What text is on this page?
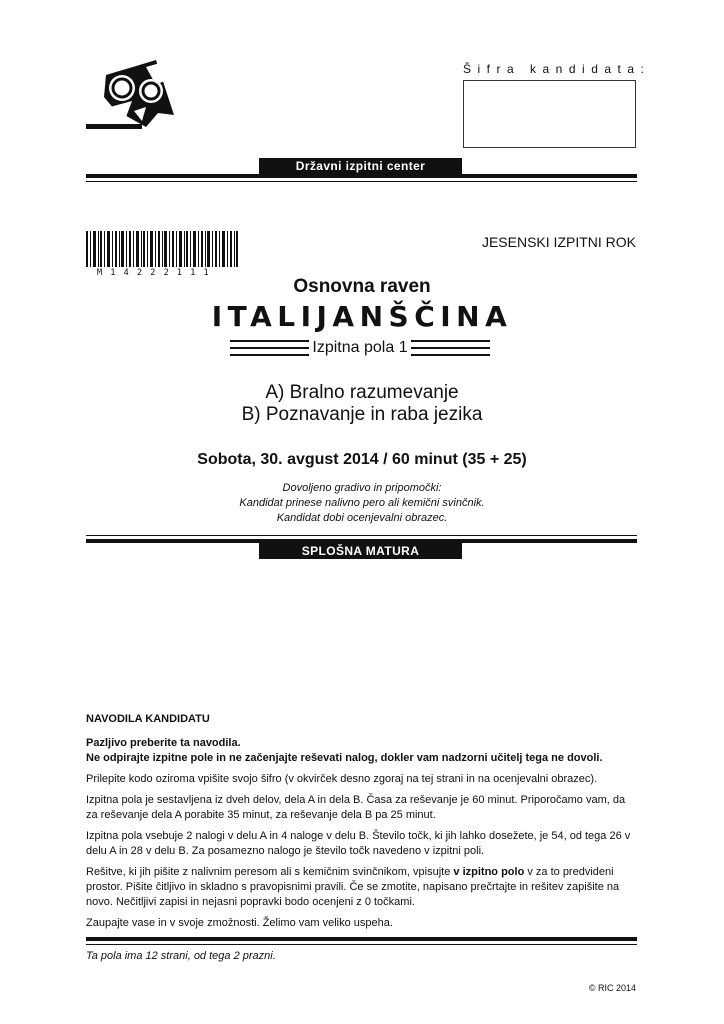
Šifra kandidata:
Državni izpitni center
M14222111
JESENSKI IZPITNI ROK
Osnovna raven
ITALIJANŠČINA
Izpitna pola 1
A) Bralno razumevanje
B) Poznavanje in raba jezika
Sobota, 30. avgust 2014 / 60 minut (35 + 25)
Dovoljeno gradivo in pripomočki:
Kandidat prinese nalivno pero ali kemični svinčnik.
Kandidat dobi ocenjevalni obrazec.
SPLOŠNA MATURA

NAVODILA KANDIDATU

Pazljivo preberite ta navodila.
Ne odpirajte izpitne pole in ne začenjajte reševati nalog, dokler vam nadzorni učitelj tega ne dovoli.

Prilepite kodo oziroma vpišite svojo šifro (v okvirček desno zgoraj na tej strani in na ocenjevalni obrazec).

Izpitna pola je sestavljena iz dveh delov, dela A in dela B. Časa za reševanje je 60 minut. Priporočamo vam, da za reševanje dela A porabite 35 minut, za reševanje dela B pa 25 minut.

Izpitna pola vsebuje 2 nalogi v delu A in 4 naloge v delu B. Število točk, ki jih lahko dosežete, je 54, od tega 26 v delu A in 28 v delu B. Za posamezno nalogo je število točk navedeno v izpitni poli.

Rešitve, ki jih pišite z nalivnim peresom ali s kemičnim svinčnikom, vpisujte v izpitno polo v za to predvideni prostor. Pišite čitljivo in skladno s pravopisnimi pravili. Če se zmotite, napisano prečrtajte in rešitev zapišite na novo. Nečitljivi zapisi in nejasni popravki bodo ocenjeni z 0 točkami.

Zaupajte vase in v svoje zmožnosti. Želimo vam veliko uspeha.

Ta pola ima 12 strani, od tega 2 prazni.
© RIC 2014
